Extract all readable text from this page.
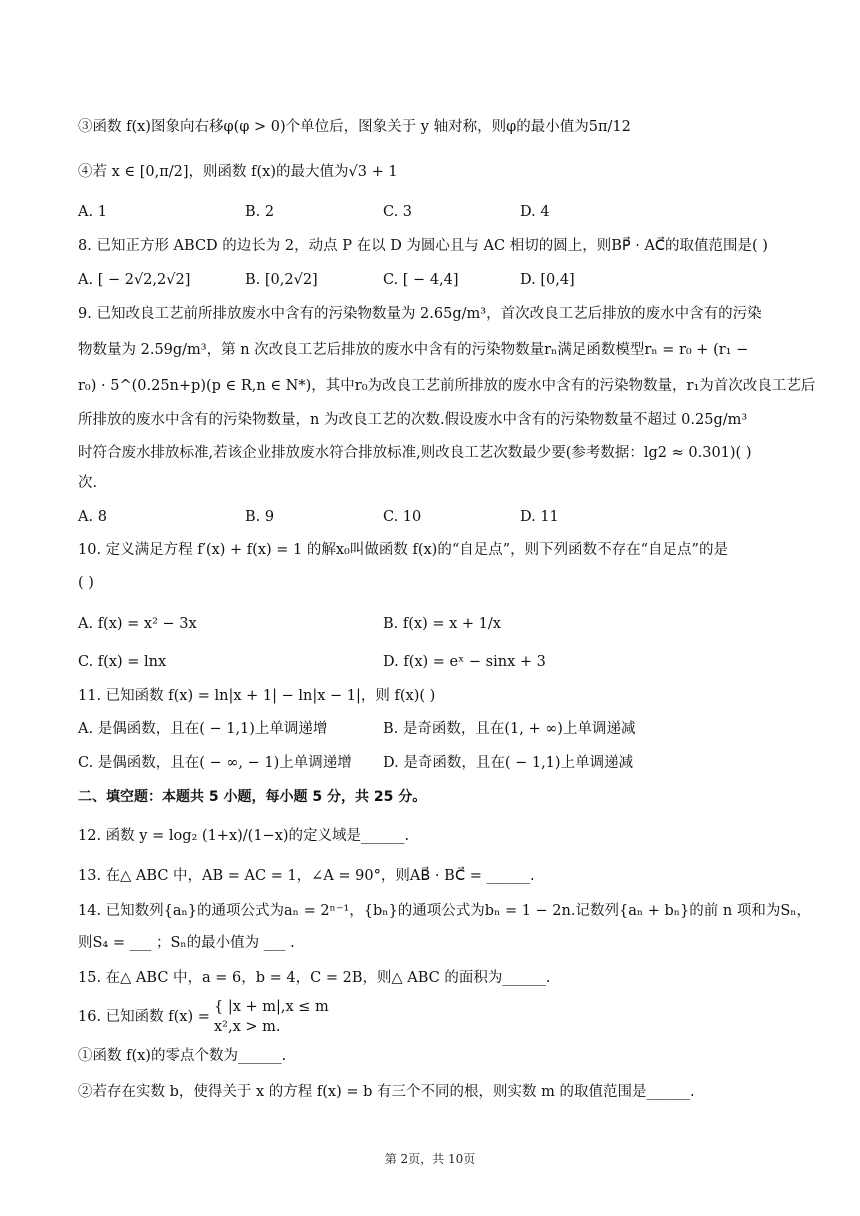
③函数 f(x)图象向右移φ(φ > 0)个单位后，图象关于 y 轴对称，则φ的最小值为5π/12
④若 x ∈ [0,π/2]，则函数 f(x)的最大值为√3 + 1
A. 1	B. 2	C. 3	D. 4
8. 已知正方形 ABCD 的边长为 2，动点 P 在以 D 为圆心且与 AC 相切的圆上，则BP⃗ · AC⃗的取值范围是( )
A. [ − 2√2,2√2]	B. [0,2√2]	C. [ − 4,4]	D. [0,4]
9. 已知改良工艺前所排放废水中含有的污染物数量为 2.65g/m³，首次改良工艺后排放的废水中含有的污染
物数量为 2.59g/m³，第 n 次改良工艺后排放的废水中含有的污染物数量rₙ满足函数模型rₙ = r₀ + (r₁ −
r₀) · 5^(0.25n+p)(p ∈ R,n ∈ N*)，其中r₀为改良工艺前所排放的废水中含有的污染物数量，r₁为首次改良工艺后
所排放的废水中含有的污染物数量，n 为改良工艺的次数.假设废水中含有的污染物数量不超过 0.25g/m³
时符合废水排放标准,若该企业排放废水符合排放标准,则改良工艺次数最少要(参考数据：lg2 ≈ 0.301)( )
次.
A. 8	B. 9	C. 10	D. 11
10. 定义满足方程 f′(x) + f(x) = 1 的解x₀叫做函数 f(x)的“自足点”，则下列函数不存在“自足点”的是
( )
A. f(x) = x² − 3x	B. f(x) = x + 1/x
C. f(x) = lnx	D. f(x) = eˣ − sinx + 3
11. 已知函数 f(x) = ln|x + 1| − ln|x − 1|，则 f(x)( )
A. 是偶函数，且在( − 1,1)上单调递增	B. 是奇函数，且在(1, + ∞)上单调递减
C. 是偶函数，且在( − ∞, − 1)上单调递增 D. 是奇函数，且在( − 1,1)上单调递减
二、填空题：本题共 5 小题，每小题 5 分，共 25 分。
12. 函数 y = log₂ (1+x)/(1−x)的定义域是______.
13. 在△ ABC 中，AB = AC = 1，∠A = 90°，则AB⃗ · BC⃗ = ______.
14. 已知数列{aₙ}的通项公式为aₙ = 2ⁿ⁻¹，{bₙ}的通项公式为bₙ = 1 − 2n.记数列{aₙ + bₙ}的前 n 项和为Sₙ，
则S₄ = ___ ；Sₙ的最小值为 ___ .
15. 在△ ABC 中，a = 6，b = 4，C = 2B，则△ ABC 的面积为______.
16. 已知函数 f(x) =
{ |x + m|,x ≤ m
x²,x > m.
①函数 f(x)的零点个数为______.
②若存在实数 b，使得关于 x 的方程 f(x) = b 有三个不同的根，则实数 m 的取值范围是______.
第 2页，共 10页
